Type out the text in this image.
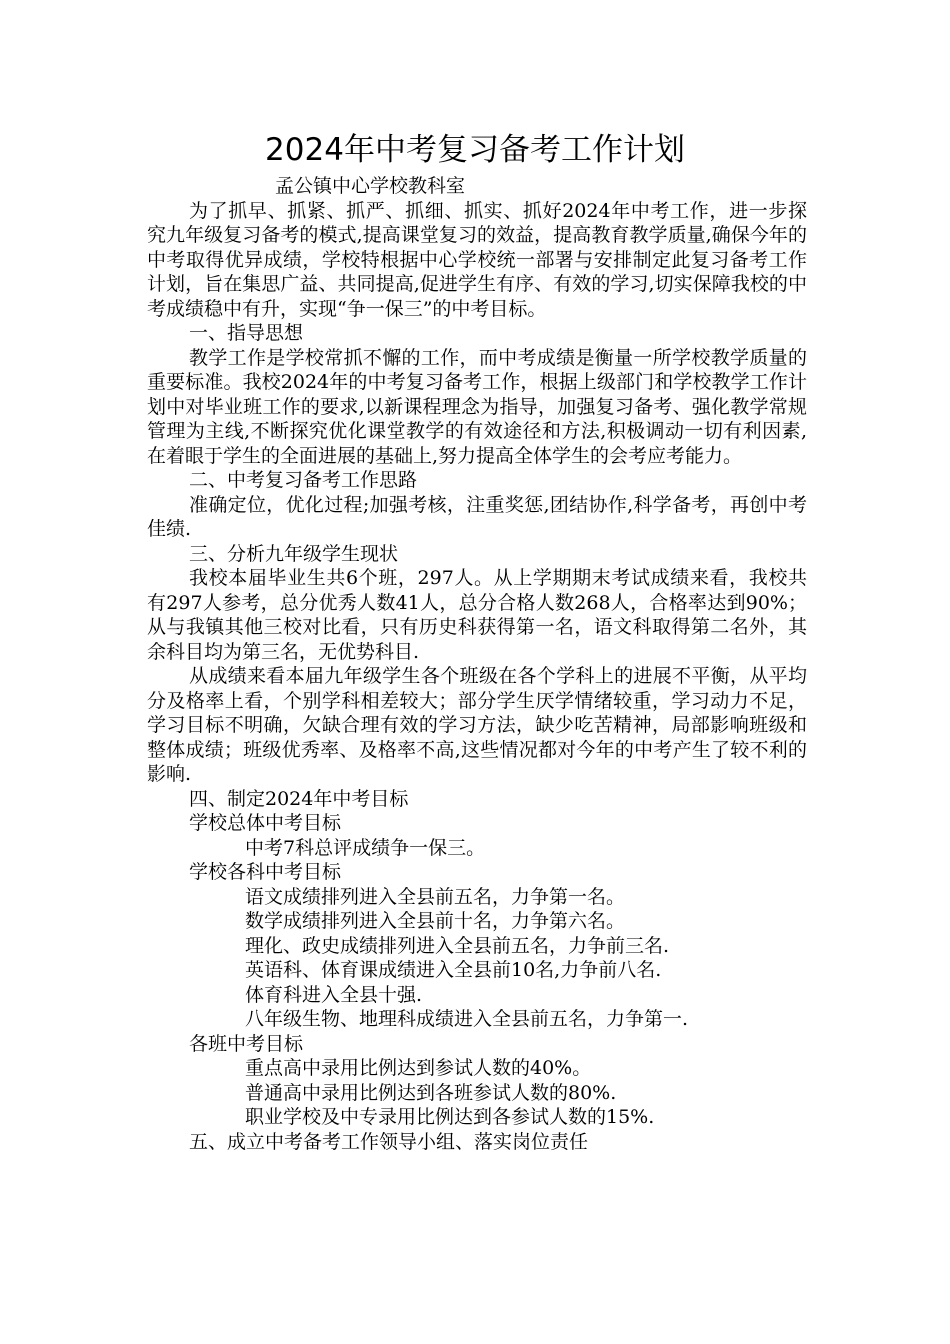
2024年中考复习备考工作计划

孟公镇中心学校教科室

为了抓早、抓紧、抓严、抓细、抓实、抓好2024年中考工作，进一步探究九年级复习备考的模式,提高课堂复习的效益，提高教育教学质量,确保今年的中考取得优异成绩，学校特根据中心学校统一部署与安排制定此复习备考工作计划，旨在集思广益、共同提高,促进学生有序、有效的学习,切实保障我校的中考成绩稳中有升，实现“争一保三”的中考目标。

一、指导思想

教学工作是学校常抓不懈的工作，而中考成绩是衡量一所学校教学质量的重要标准。我校2024年的中考复习备考工作，根据上级部门和学校教学工作计划中对毕业班工作的要求,以新课程理念为指导，加强复习备考、强化教学常规管理为主线,不断探究优化课堂教学的有效途径和方法,积极调动一切有利因素,在着眼于学生的全面进展的基础上,努力提高全体学生的会考应考能力。

二、中考复习备考工作思路

准确定位，优化过程;加强考核，注重奖惩,团结协作,科学备考，再创中考佳绩.

三、分析九年级学生现状

我校本届毕业生共6个班，297人。从上学期期末考试成绩来看，我校共有297人参考，总分优秀人数41人，总分合格人数268人，合格率达到90%；从与我镇其他三校对比看，只有历史科获得第一名，语文科取得第二名外，其余科目均为第三名，无优势科目.

从成绩来看本届九年级学生各个班级在各个学科上的进展不平衡，从平均分及格率上看，个别学科相差较大；部分学生厌学情绪较重，学习动力不足，学习目标不明确，欠缺合理有效的学习方法，缺少吃苦精神，局部影响班级和整体成绩；班级优秀率、及格率不高,这些情况都对今年的中考产生了较不利的影响.

四、制定2024年中考目标

学校总体中考目标

中考7科总评成绩争一保三。

学校各科中考目标

语文成绩排列进入全县前五名，力争第一名。

数学成绩排列进入全县前十名，力争第六名。

理化、政史成绩排列进入全县前五名，力争前三名.

英语科、体育课成绩进入全县前10名,力争前八名.

体育科进入全县十强.

八年级生物、地理科成绩进入全县前五名，力争第一.

各班中考目标

重点高中录用比例达到参试人数的40%。

普通高中录用比例达到各班参试人数的80%.

职业学校及中专录用比例达到各参试人数的15%.

五、成立中考备考工作领导小组、落实岗位责任
